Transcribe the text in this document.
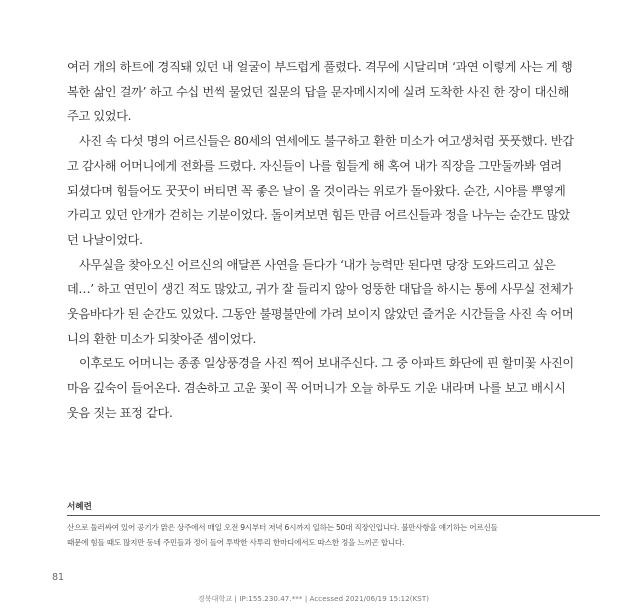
여러 개의 하트에 경직돼 있던 내 얼굴이 부드럽게 풀렸다. 격무에 시달리며 ‘과연 이렇게 사는 게 행
복한 삶인 걸까’ 하고 수십 번씩 물었던 질문의 답을 문자메시지에 실려 도착한 사진 한 장이 대신해
주고 있었다.

사진 속 다섯 명의 어르신들은 80세의 연세에도 불구하고 환한 미소가 여고생처럼 풋풋했다. 반갑
고 감사해 어머니에게 전화를 드렸다. 자신들이 나를 힘들게 해 혹여 내가 직장을 그만둘까봐 염려
되셨다며 힘들어도 꿋꿋이 버티면 꼭 좋은 날이 올 것이라는 위로가 돌아왔다. 순간, 시야를 뿌옇게
가리고 있던 안개가 걷히는 기분이었다. 돌이켜보면 힘든 만큼 어르신들과 정을 나누는 순간도 많았
던 나날이었다.

사무실을 찾아오신 어르신의 애달픈 사연을 듣다가 ‘내가 능력만 된다면 당장 도와드리고 싶은
데…’ 하고 연민이 생긴 적도 많았고, 귀가 잘 들리지 않아 엉뚱한 대답을 하시는 통에 사무실 전체가
웃음바다가 된 순간도 있었다. 그동안 불평불만에 가려 보이지 않았던 즐거운 시간들을 사진 속 어머
니의 환한 미소가 되찾아준 셈이었다.

이후로도 어머니는 종종 일상풍경을 사진 찍어 보내주신다. 그 중 아파트 화단에 핀 할미꽃 사진이
마음 깊숙이 들어온다. 겸손하고 고운 꽃이 꼭 어머니가 오늘 하루도 기운 내라며 나를 보고 배시시
웃음 짓는 표정 같다.

서혜련
산으로 둘러싸여 있어 공기가 맑은 상주에서 매일 오전 9시부터 저녁 6시까지 일하는 50대 직장인입니다. 불만사항을 얘기하는 어르신들
때문에 힘들 때도 많지만 동네 주민들과 정이 들어 투박한 사투리 한마디에서도 따스한 정을 느끼곤 합니다.
81
경북대학교 | IP:155.230.47.*** | Accessed 2021/06/19 15:12(KST)
